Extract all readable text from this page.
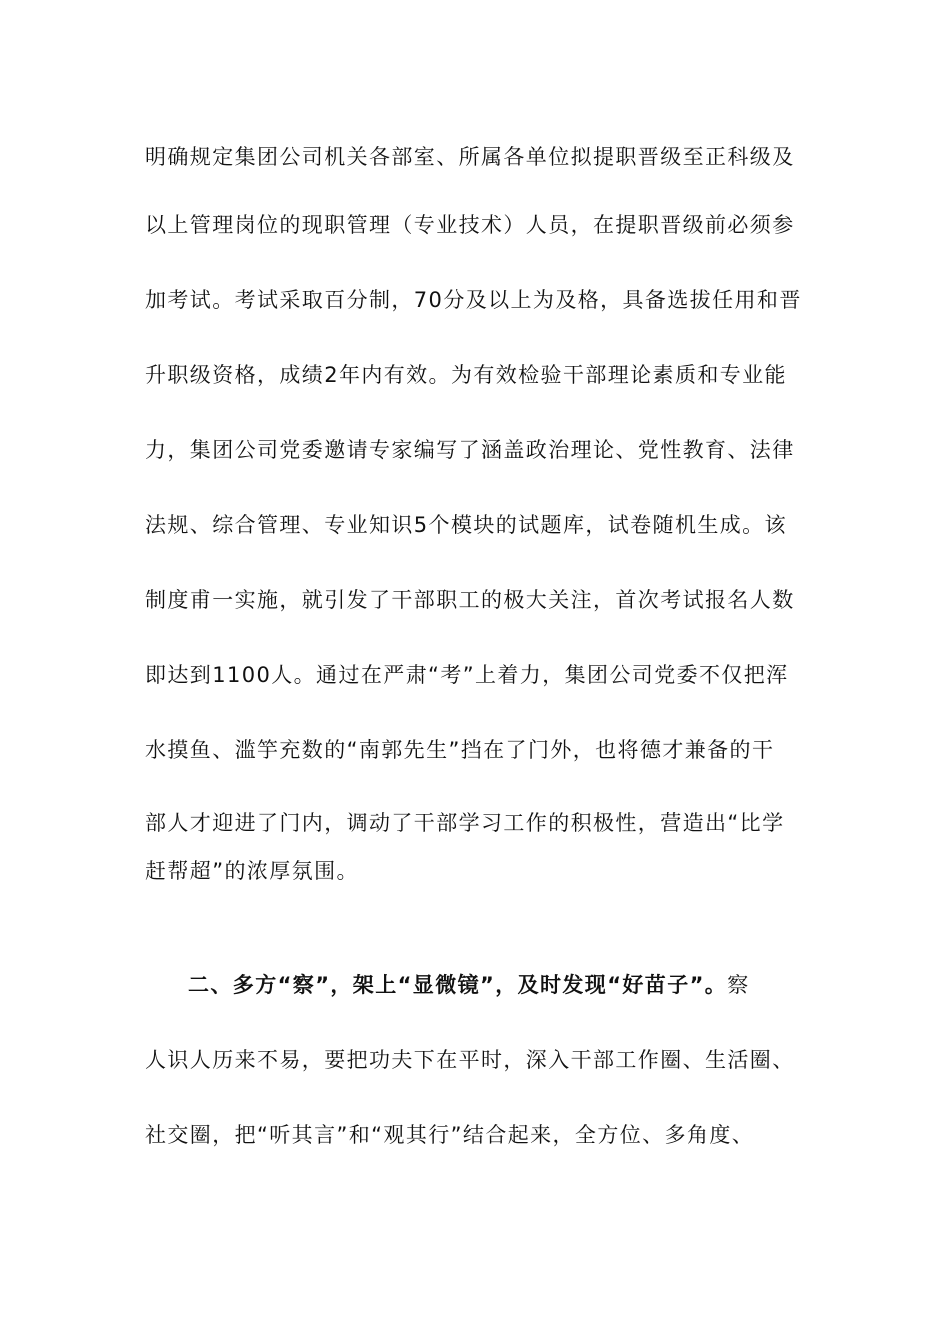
明确规定集团公司机关各部室、所属各单位拟提职晋级至正科级及
以上管理岗位的现职管理（专业技术）人员，在提职晋级前必须参
加考试。考试采取百分制，70分及以上为及格，具备选拔任用和晋
升职级资格，成绩2年内有效。为有效检验干部理论素质和专业能
力，集团公司党委邀请专家编写了涵盖政治理论、党性教育、法律
法规、综合管理、专业知识5个模块的试题库，试卷随机生成。该
制度甫一实施，就引发了干部职工的极大关注，首次考试报名人数
即达到1100人。通过在严肃“考”上着力，集团公司党委不仅把浑
水摸鱼、滥竽充数的“南郭先生”挡在了门外，也将德才兼备的干
部人才迎进了门内，调动了干部学习工作的积极性，营造出“比学
赶帮超”的浓厚氛围。
二、多方“察”，架上“显微镜”，及时发现“好苗子”。察
人识人历来不易，要把功夫下在平时，深入干部工作圈、生活圈、
社交圈，把“听其言”和“观其行”结合起来，全方位、多角度、
